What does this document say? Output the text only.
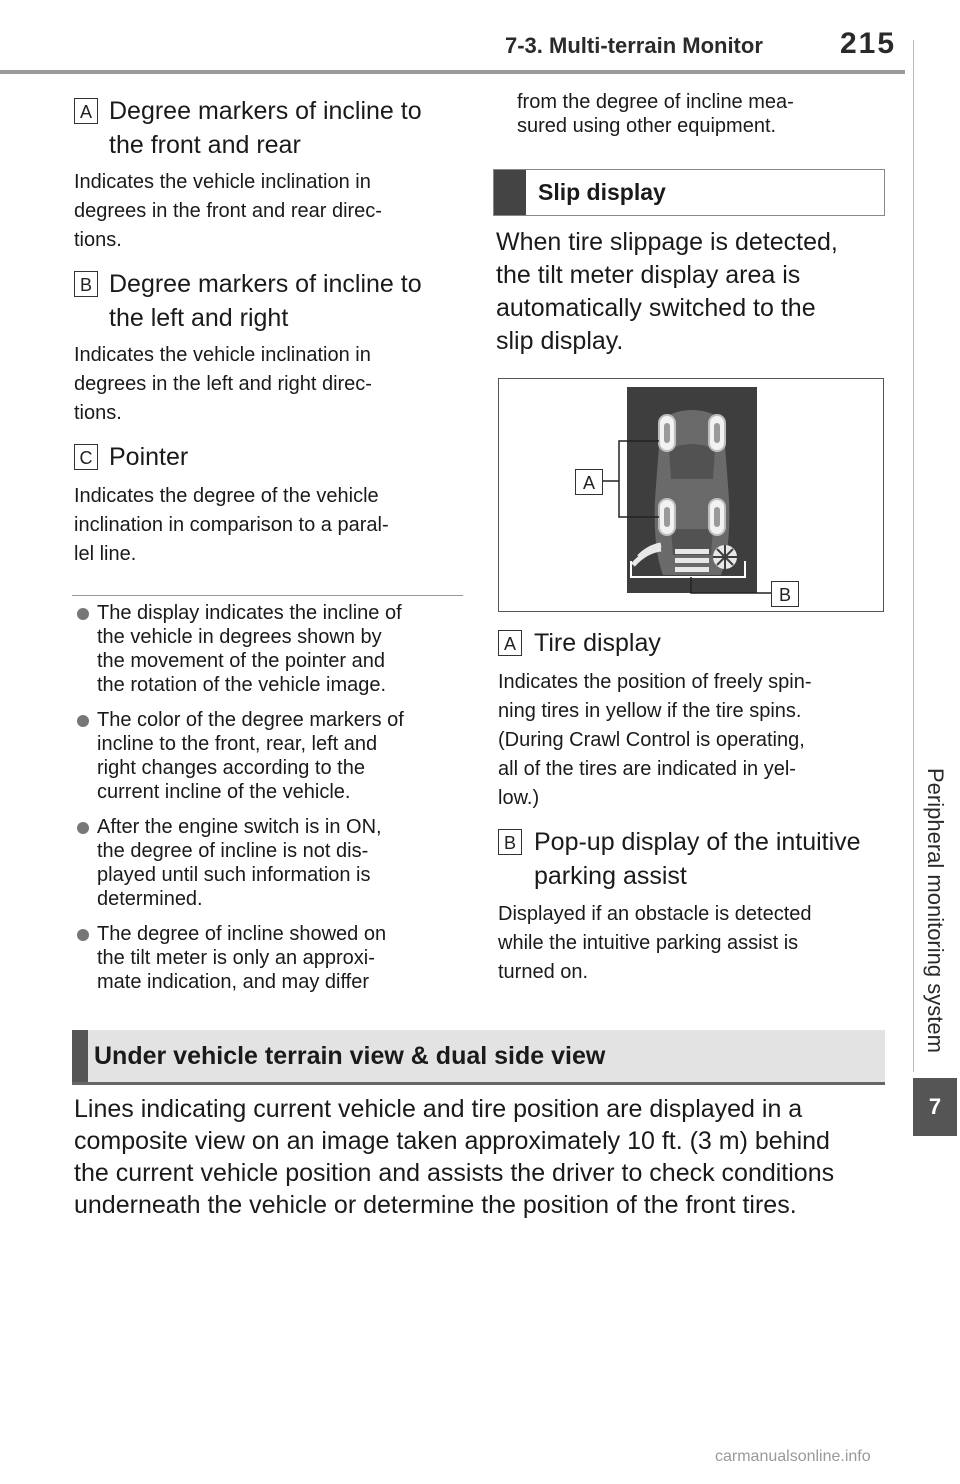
7-3. Multi-terrain Monitor	215
7
Peripheral monitoring system
A Degree markers of incline to
the front and rear
Indicates the vehicle inclination in
degrees in the front and rear direc-
tions.
B Degree markers of incline to
the left and right
Indicates the vehicle inclination in
degrees in the left and right direc-
tions.
C Pointer
Indicates the degree of the vehicle
inclination in comparison to a paral-
lel line.
The display indicates the incline of
the vehicle in degrees shown by
the movement of the pointer and
the rotation of the vehicle image.
The color of the degree markers of
incline to the front, rear, left and
right changes according to the
current incline of the vehicle.
After the engine switch is in ON,
the degree of incline is not dis-
played until such information is
determined.
The degree of incline showed on
the tilt meter is only an approxi-
mate indication, and may differ
from the degree of incline mea-
sured using other equipment.
Slip display
When tire slippage is detected,
the tilt meter display area is
automatically switched to the
slip display.
A
B
A Tire display
Indicates the position of freely spin-
ning tires in yellow if the tire spins.
(During Crawl Control is operating,
all of the tires are indicated in yel-
low.)
B Pop-up display of the intuitive
parking assist
Displayed if an obstacle is detected
while the intuitive parking assist is
turned on.
Under vehicle terrain view & dual side view
Lines indicating current vehicle and tire position are displayed in a
composite view on an image taken approximately 10 ft. (3 m) behind
the current vehicle position and assists the driver to check conditions
underneath the vehicle or determine the position of the front tires.
carmanualsonline.info
